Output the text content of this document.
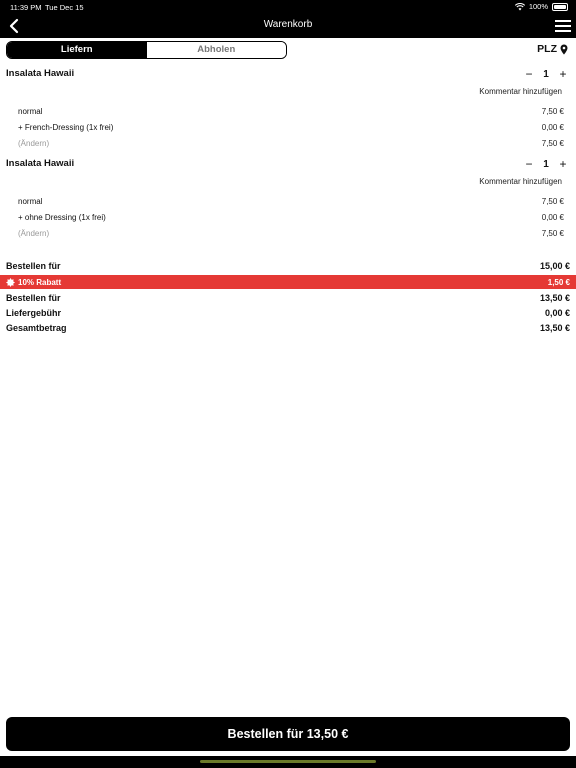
11:39 PM Tue Dec 15	100%
Warenkorb
Liefern	Abholen	PLZ
Insalata Hawaii	−	1 +
Kommentar hinzufügen
normal	7,50 €
+ French-Dressing (1x frei)	0,00 €
(Ändern)	7,50 €
Insalata Hawaii	−	1 +
Kommentar hinzufügen
normal	7,50 €
+ ohne Dressing (1x frei)	0,00 €
(Ändern)	7,50 €
Bestellen für	15,00 €
10% Rabatt	1,50 €
Bestellen für	13,50 €
Liefergebühr	0,00 €
Gesamtbetrag	13,50 €
Bestellen für 13,50 €
